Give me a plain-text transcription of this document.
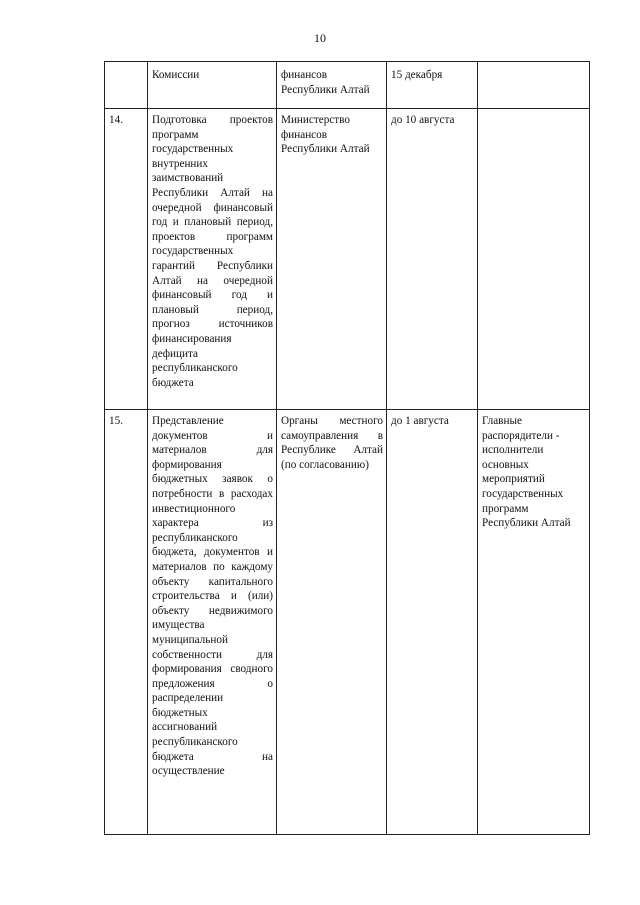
10
	Комиссии	финансов Республики Алтай	15 декабря	
14.	Подготовка проектов программ государственных внутренних заимствований Республики Алтай на очередной финансовый год и плановый период, проектов программ государственных гарантий Республики Алтай на очередной финансовый год и плановый период, прогноз источников финансирования дефицита республиканского бюджета	Министерство финансов Республики Алтай	до 10 августа	
15.	Представление документов и материалов для формирования бюджетных заявок о потребности в расходах инвестиционного характера из республиканского бюджета, документов и материалов по каждому объекту капитального строительства и (или) объекту недвижимого имущества муниципальной собственности для формирования сводного предложения о распределении бюджетных ассигнований республиканского бюджета на осуществление	Органы местного самоуправления в Республике Алтай (по согласованию)	до 1 августа	Главные распорядители - исполнители основных мероприятий государственных программ Республики Алтай
